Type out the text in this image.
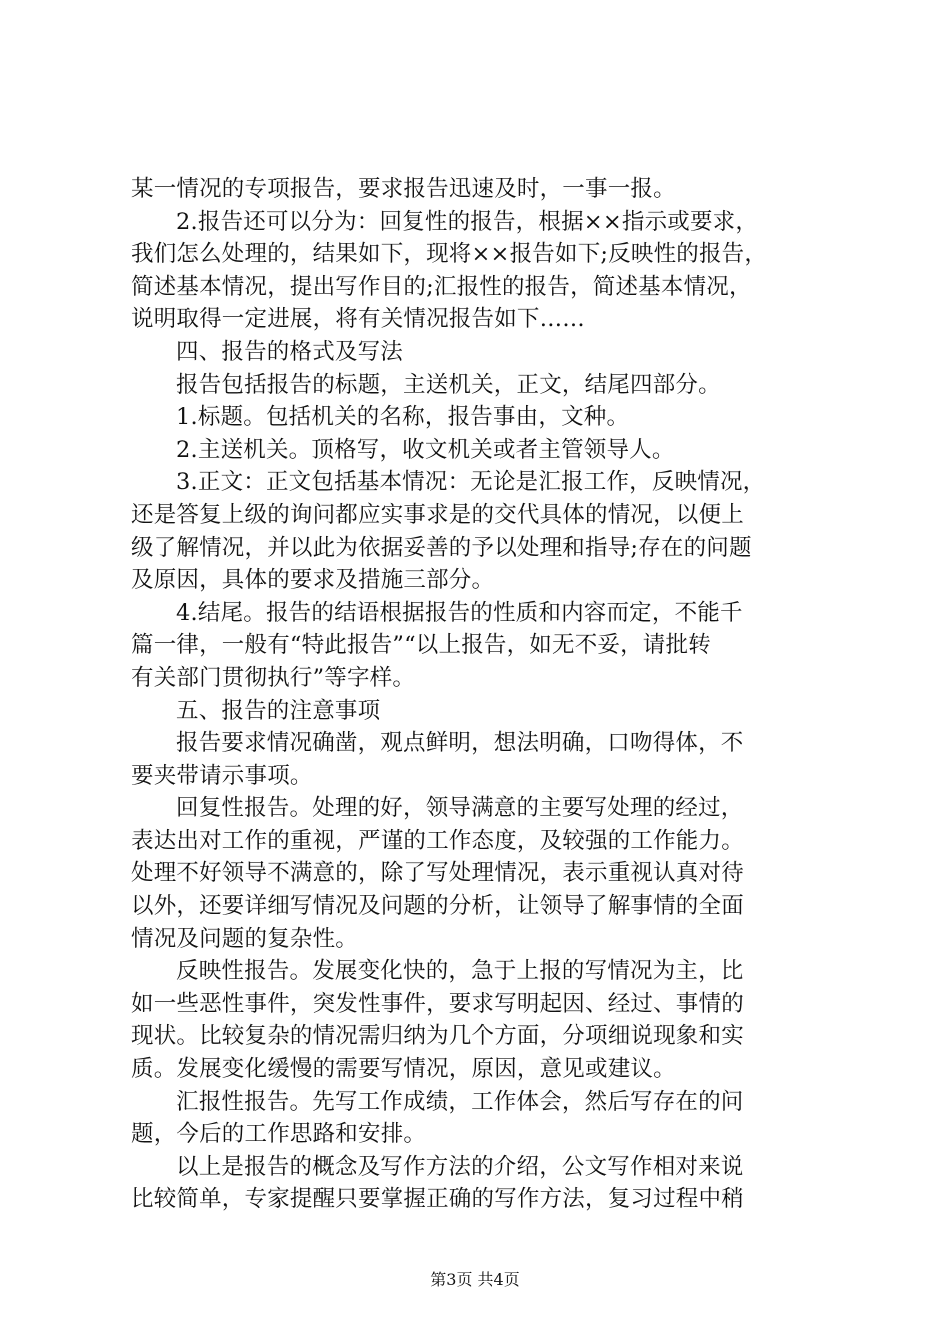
某一情况的专项报告，要求报告迅速及时，一事一报。
2.报告还可以分为：回复性的报告，根据××指示或要求，
我们怎么处理的，结果如下，现将××报告如下;反映性的报告，
简述基本情况，提出写作目的;汇报性的报告，简述基本情况，
说明取得一定进展，将有关情况报告如下……
四、报告的格式及写法
报告包括报告的标题，主送机关，正文，结尾四部分。
1.标题。包括机关的名称，报告事由，文种。
2.主送机关。顶格写，收文机关或者主管领导人。
3.正文：正文包括基本情况：无论是汇报工作，反映情况，
还是答复上级的询问都应实事求是的交代具体的情况，以便上
级了解情况，并以此为依据妥善的予以处理和指导;存在的问题
及原因，具体的要求及措施三部分。
4.结尾。报告的结语根据报告的性质和内容而定，不能千
篇一律，一般有“特此报告”“以上报告，如无不妥，请批转
有关部门贯彻执行”等字样。
五、报告的注意事项
报告要求情况确凿，观点鲜明，想法明确，口吻得体，不
要夹带请示事项。
回复性报告。处理的好，领导满意的主要写处理的经过，
表达出对工作的重视，严谨的工作态度，及较强的工作能力。
处理不好领导不满意的，除了写处理情况，表示重视认真对待
以外，还要详细写情况及问题的分析，让领导了解事情的全面
情况及问题的复杂性。
反映性报告。发展变化快的，急于上报的写情况为主，比
如一些恶性事件，突发性事件，要求写明起因、经过、事情的
现状。比较复杂的情况需归纳为几个方面，分项细说现象和实
质。发展变化缓慢的需要写情况，原因，意见或建议。
汇报性报告。先写工作成绩，工作体会，然后写存在的问
题，今后的工作思路和安排。
以上是报告的概念及写作方法的介绍，公文写作相对来说
比较简单，专家提醒只要掌握正确的写作方法，复习过程中稍
第3页 共4页
